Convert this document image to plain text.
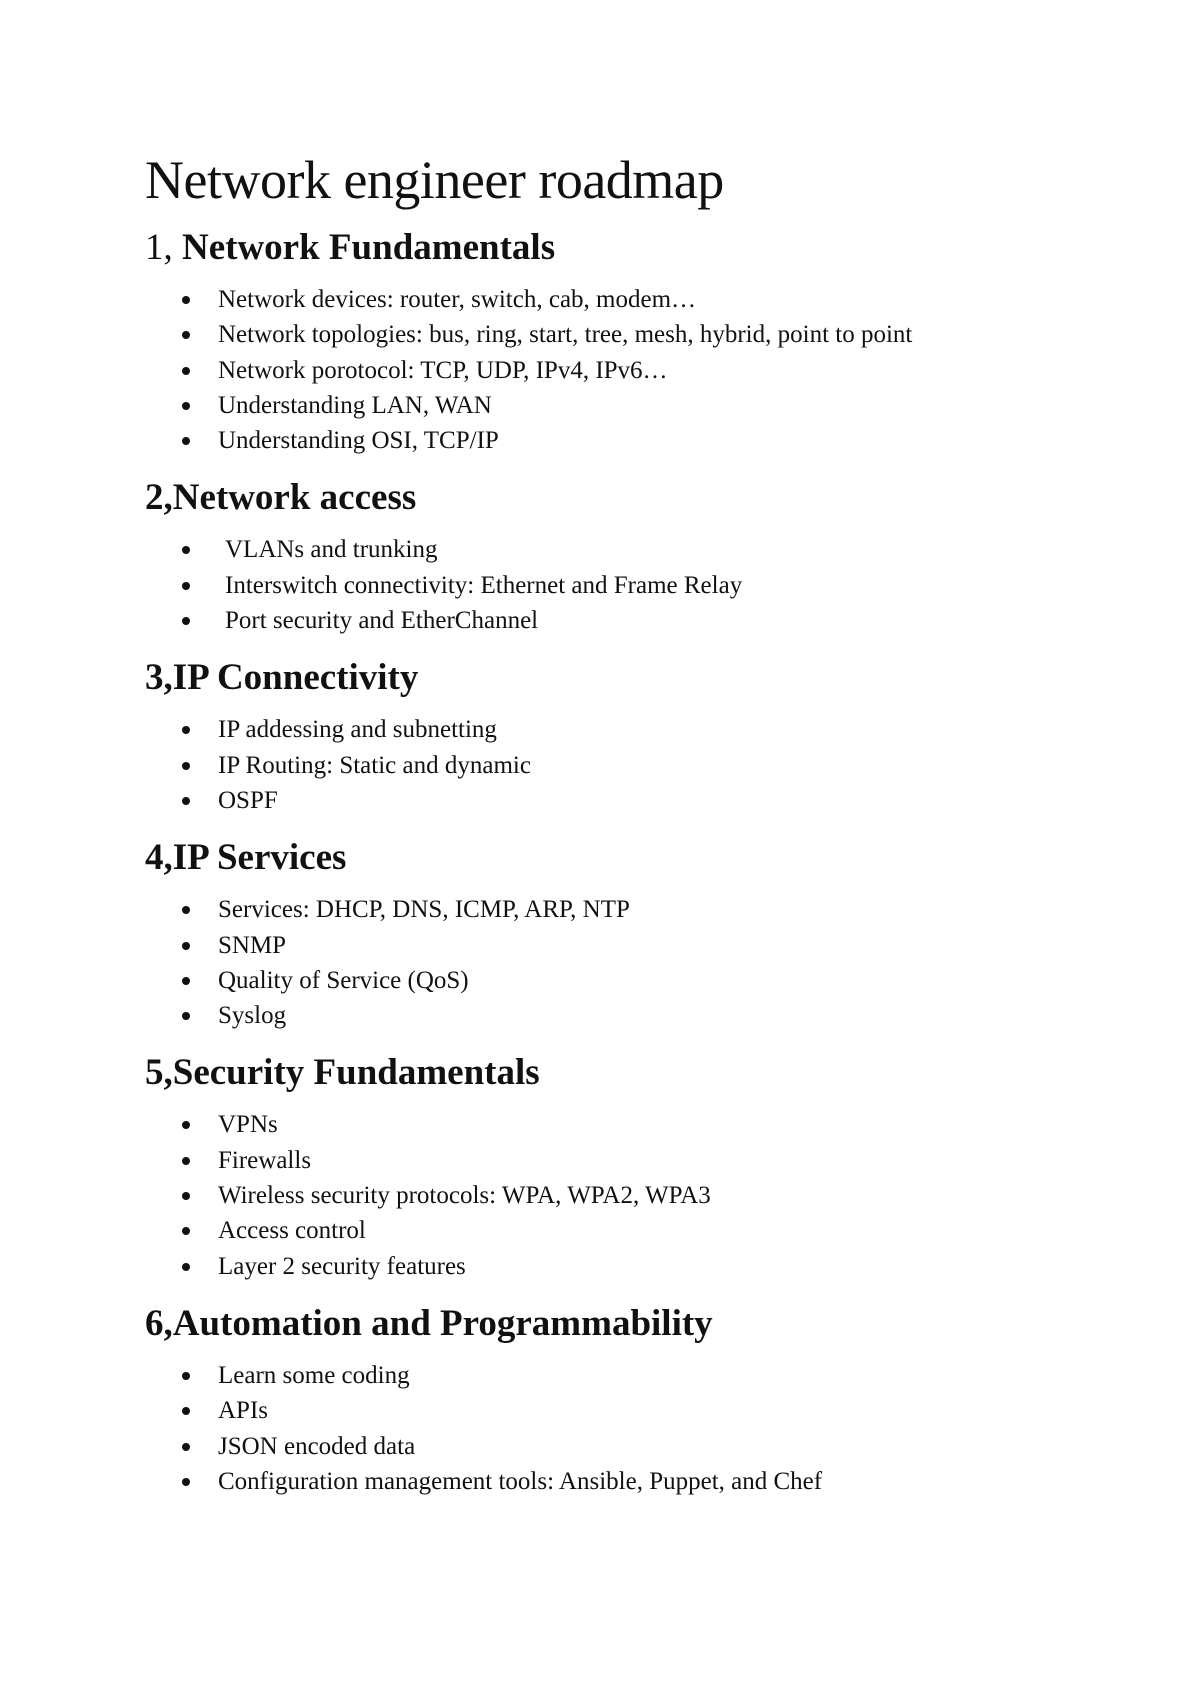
Network engineer roadmap
1, Network Fundamentals
Network devices: router, switch, cab, modem…
Network topologies: bus, ring, start, tree, mesh, hybrid, point to point
Network porotocol: TCP, UDP, IPv4, IPv6…
Understanding LAN, WAN
Understanding OSI, TCP/IP
2,Network access
VLANs and trunking
Interswitch connectivity: Ethernet and Frame Relay
Port security and EtherChannel
3,IP Connectivity
IP addessing and subnetting
IP Routing: Static and dynamic
OSPF
4,IP Services
Services: DHCP, DNS, ICMP, ARP, NTP
SNMP
Quality of Service (QoS)
Syslog
5,Security Fundamentals
VPNs
Firewalls
Wireless security protocols: WPA, WPA2, WPA3
Access control
Layer 2 security features
6,Automation and Programmability
Learn some coding
APIs
JSON encoded data
Configuration management tools: Ansible, Puppet, and Chef
